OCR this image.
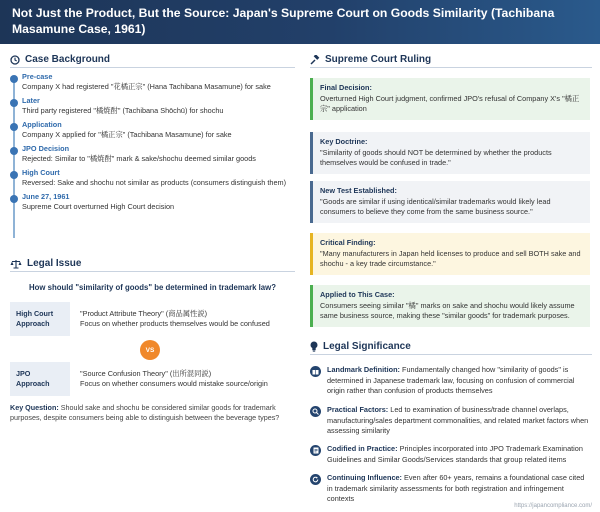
Not Just the Product, But the Source: Japan's Supreme Court on Goods Similarity (Tachibana Masamune Case, 1961)
Case Background
Pre-case
Company X had registered "花橘正宗" (Hana Tachibana Masamune) for sake
Later
Third party registered "橘焼酎" (Tachibana Shōchū) for shochu
Application
Company X applied for "橘正宗" (Tachibana Masamune) for sake
JPO Decision
Rejected: Similar to "橘焼酎" mark & sake/shochu deemed similar goods
High Court
Reversed: Sake and shochu not similar as products (consumers distinguish them)
June 27, 1961
Supreme Court overturned High Court decision
Legal Issue
How should "similarity of goods" be determined in trademark law?
High Court Approach
"Product Attribute Theory" (商品属性説)
Focus on whether products themselves would be confused
VS
JPO Approach
"Source Confusion Theory" (出所混同説)
Focus on whether consumers would mistake source/origin
Key Question: Should sake and shochu be considered similar goods for trademark purposes, despite consumers being able to distinguish between the beverage types?
Supreme Court Ruling
Final Decision:
Overturned High Court judgment, confirmed JPO's refusal of Company X's "橘正宗" application
Key Doctrine:
"Similarity of goods should NOT be determined by whether the products themselves would be confused in trade."
New Test Established:
"Goods are similar if using identical/similar trademarks would likely lead consumers to believe they come from the same business source."
Critical Finding:
"Many manufacturers in Japan held licenses to produce and sell BOTH sake and shochu - a key trade circumstance."
Applied to This Case:
Consumers seeing similar "橘" marks on sake and shochu would likely assume same business source, making these "similar goods" for trademark purposes.
Legal Significance
Landmark Definition: Fundamentally changed how "similarity of goods" is determined in Japanese trademark law, focusing on confusion of commercial origin rather than confusion of products themselves
Practical Factors: Led to examination of business/trade channel overlaps, manufacturing/sales department commonalities, and related market factors when assessing similarity
Codified in Practice: Principles incorporated into JPO Trademark Examination Guidelines and Similar Goods/Services standards that group related items
Continuing Influence: Even after 60+ years, remains a foundational case cited in trademark similarity assessments for both registration and infringement contexts
https://japancompliance.com/
